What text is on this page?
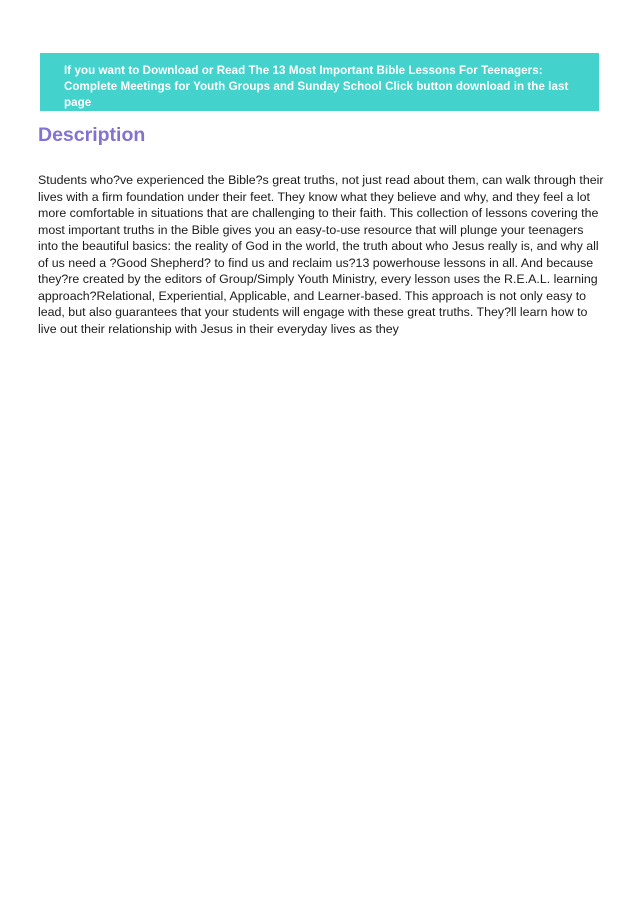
If you want to Download or Read The 13 Most Important Bible Lessons For Teenagers: Complete Meetings for Youth Groups and Sunday School Click button download in the last page
Description

Students who?ve experienced the Bible?s great truths, not just read about them, can walk through their lives with a firm foundation under their feet. They know what they believe and why, and they feel a lot more comfortable in situations that are challenging to their faith. This collection of lessons covering the most important truths in the Bible gives you an easy-to-use resource that will plunge your teenagers into the beautiful basics: the reality of God in the world, the truth about who Jesus really is, and why all of us need a ?Good Shepherd? to find us and reclaim us?13 powerhouse lessons in all. And because they?re created by the editors of Group/Simply Youth Ministry, every lesson uses the R.E.A.L. learning approach?Relational, Experiential, Applicable, and Learner-based. This approach is not only easy to lead, but also guarantees that your students will engage with these great truths. They?ll learn how to live out their relationship with Jesus in their everyday lives as they
